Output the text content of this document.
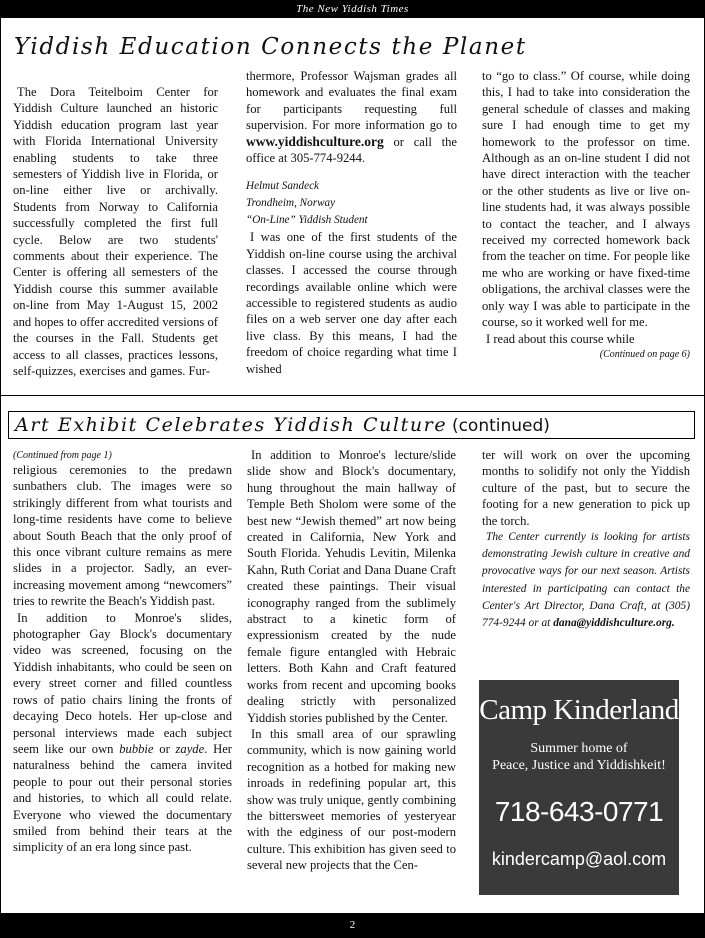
The New Yiddish Times
Yiddish Education Connects the Planet

The Dora Teitelboim Center for Yiddish Culture launched an historic Yiddish education program last year with Florida International University enabling students to take three semesters of Yiddish live in Florida, or on-line either live or archivally. Students from Norway to California successfully completed the first full cycle. Below are two students' comments about their experience. The Center is offering all semesters of the Yiddish course this summer available on-line from May 1-August 15, 2002 and hopes to offer accredited versions of the courses in the Fall. Students get access to all classes, practices lessons, self-quizzes, exercises and games. Fur-

thermore, Professor Wajsman grades all homework and evaluates the final exam for participants requesting full supervision. For more information go to www.yiddishculture.org or call the office at 305-774-9244.

Helmut Sandeck

Trondheim, Norway

“On-Line” Yiddish Student

I was one of the first students of the Yiddish on-line course using the archival classes. I accessed the course through recordings available online which were accessible to registered students as audio files on a web server one day after each live class. By this means, I had the freedom of choice regarding what time I wished

to “go to class.” Of course, while doing this, I had to take into consideration the general schedule of classes and making sure I had enough time to get my homework to the professor on time. Although as an on-line student I did not have direct interaction with the teacher or the other students as live or live on-line students had, it was always possible to contact the teacher, and I always received my corrected homework back from the teacher on time. For people like me who are working or have fixed-time obligations, the archival classes were the only way I was able to participate in the course, so it worked well for me.

I read about this course while

(Continued on page 6)

Art Exhibit Celebrates Yiddish Culture (continued)

(Continued from page 1)

religious ceremonies to the predawn sunbathers club. The images were so strikingly different from what tourists and long-time residents have come to believe about South Beach that the only proof of this once vibrant culture remains as mere slides in a projector. Sadly, an ever-increasing movement among “newcomers” tries to rewrite the Beach's Yiddish past.

In addition to Monroe's slides, photographer Gay Block's documentary video was screened, focusing on the Yiddish inhabitants, who could be seen on every street corner and filled countless rows of patio chairs lining the fronts of decaying Deco hotels. Her up-close and personal interviews made each subject seem like our own bubbie or zayde. Her naturalness behind the camera invited people to pour out their personal stories and histories, to which all could relate. Everyone who viewed the documentary smiled from behind their tears at the simplicity of an era long since past.

In addition to Monroe's lecture/slide slide show and Block's documentary, hung throughout the main hallway of Temple Beth Sholom were some of the best new “Jewish themed” art now being created in California, New York and South Florida. Yehudis Levitin, Milenka Kahn, Ruth Coriat and Dana Duane Craft created these paintings. Their visual iconography ranged from the sublimely abstract to a kinetic form of expressionism created by the nude female figure entangled with Hebraic letters. Both Kahn and Craft featured works from recent and upcoming books dealing strictly with personalized Yiddish stories published by the Center.

In this small area of our sprawling community, which is now gaining world recognition as a hotbed for making new inroads in redefining popular art, this show was truly unique, gently combining the bittersweet memories of yesteryear with the edginess of our post-modern culture. This exhibition has given seed to several new projects that the Cen-

ter will work on over the upcoming months to solidify not only the Yiddish culture of the past, but to secure the footing for a new generation to pick up the torch.

The Center currently is looking for artists demonstrating Jewish culture in creative and provocative ways for our next season. Artists interested in participating can contact the Center's Art Director, Dana Craft, at (305) 774-9244 or at dana@yiddishculture.org.

Camp Kinderland
Summer home of
Peace, Justice and Yiddishkeit!
718-643-0771
kindercamp@aol.com
2
